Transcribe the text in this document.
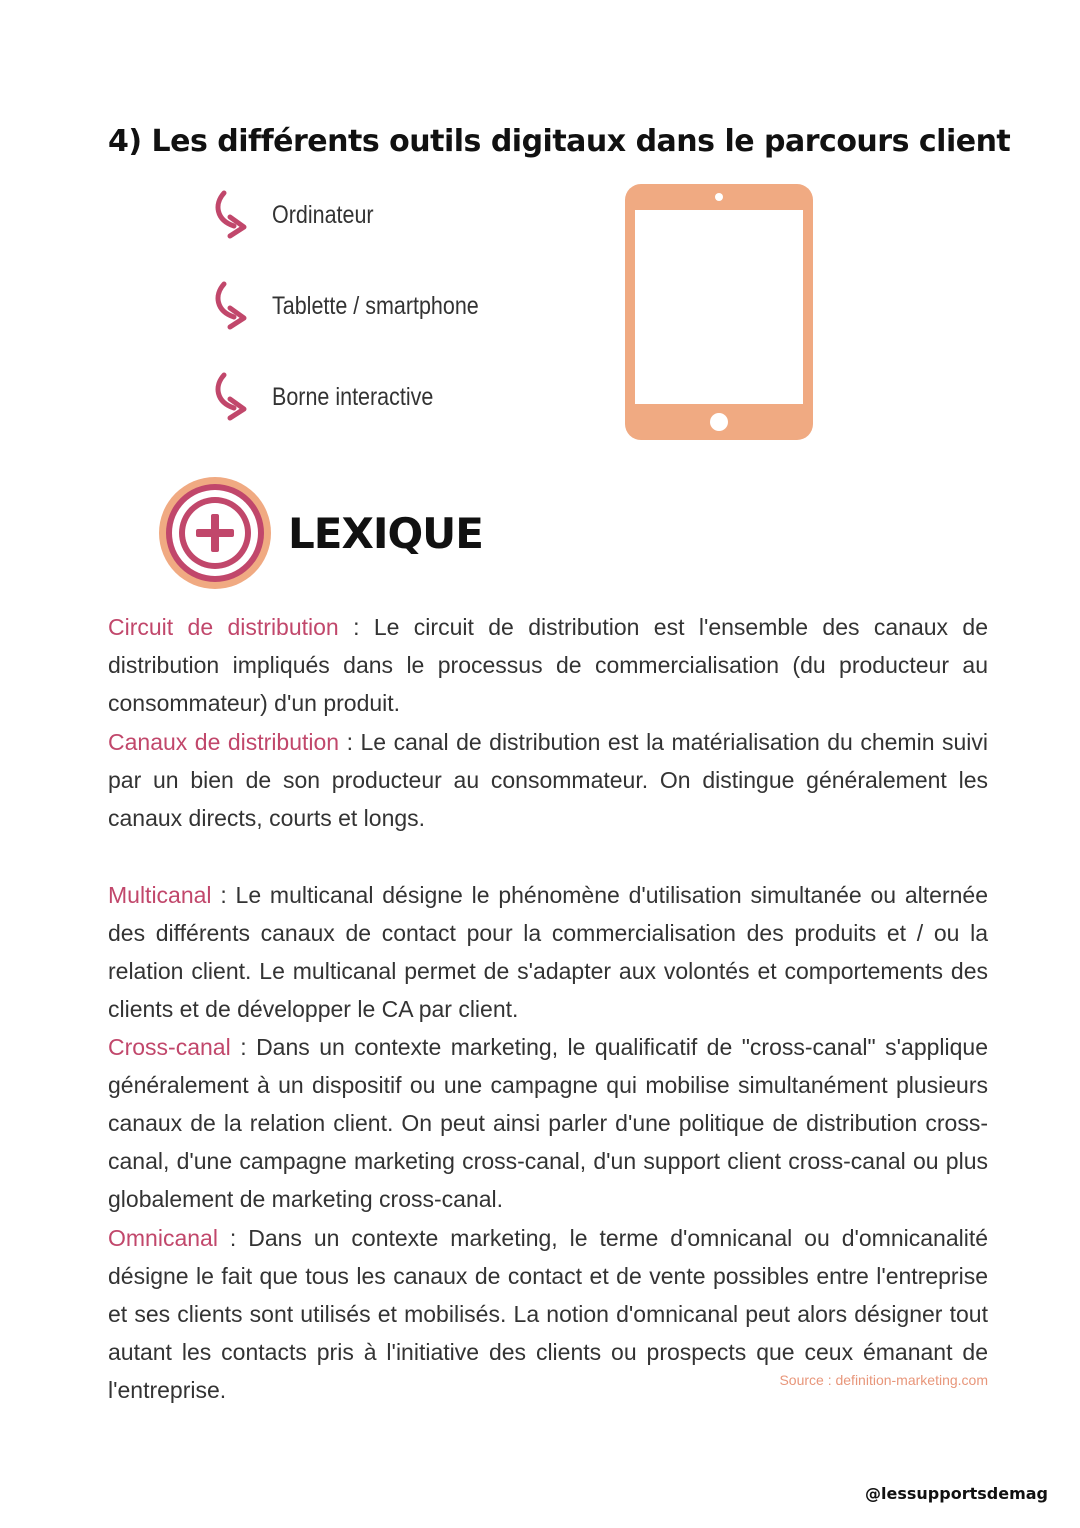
4) Les différents outils digitaux dans le parcours client
Ordinateur
Tablette / smartphone
Borne interactive
LEXIQUE

Circuit de distribution : Le circuit de distribution est l'ensemble des canaux de distribution impliqués dans le processus de commercialisation (du producteur au consommateur) d'un produit.

Canaux de distribution : Le canal de distribution est la matérialisation du chemin suivi par un bien de son producteur au consommateur. On distingue généralement les canaux directs, courts et longs.

Multicanal : Le multicanal désigne le phénomène d'utilisation simultanée ou alternée des différents canaux de contact pour la commercialisation des produits et / ou la relation client. Le multicanal permet de s'adapter aux volontés et comportements des clients et de développer le CA par client.

Cross-canal : Dans un contexte marketing, le qualificatif de "cross-canal" s'applique généralement à un dispositif ou une campagne qui mobilise simultanément plusieurs canaux de la relation client. On peut ainsi parler d'une politique de distribution cross-canal, d'une campagne marketing cross-canal, d'un support client cross-canal ou plus globalement de marketing cross-canal.

Omnicanal : Dans un contexte marketing, le terme d'omnicanal ou d'omnicanalité désigne le fait que tous les canaux de contact et de vente possibles entre l'entreprise et ses clients sont utilisés et mobilisés. La notion d'omnicanal peut alors désigner tout autant les contacts pris à l'initiative des clients ou prospects que ceux émanant de l'entreprise.	Source : definition-marketing.com
@lessupportsdemag
